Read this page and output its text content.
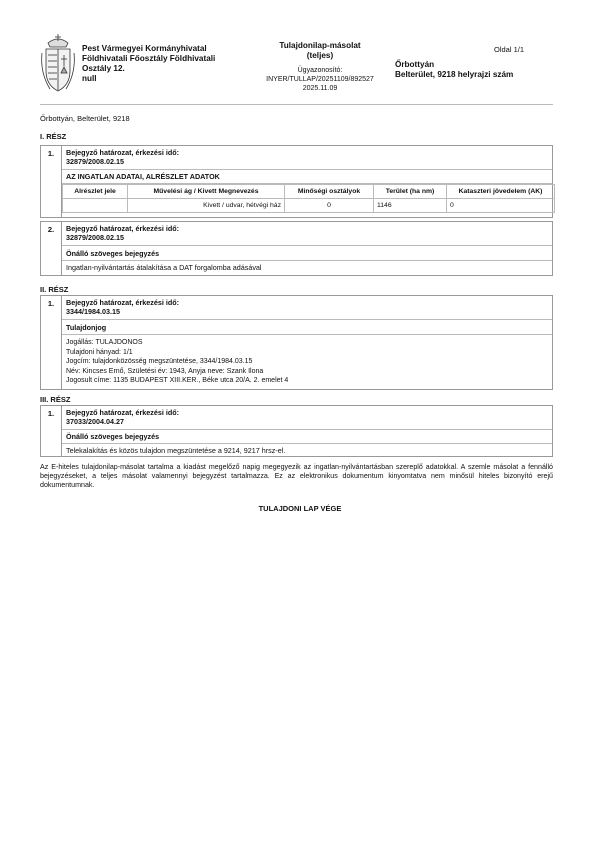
Pest Vármegyei Kormányhivatal
Földhivatali Főosztály Földhivatali
Osztály 12.
null
Tulajdonilap-másolat
(teljes)
Ügyazonosító:
INYER/TULLAP/20251109/892527
2025.11.09
Oldal 1/1
Őrbottyán
Belterület, 9218 helyrajzi szám
Őrbottyán, Belterület, 9218
I. RÉSZ
1.	Bejegyző határozat, érkezési idő:
32879/2008.02.15
AZ INGATLAN ADATAI, ALRÉSZLET ADATOK
Alrészlet jele	Művelési ág / Kivett Megnevezés	Minőségi osztályok	Terület (ha nm)	Kataszteri jövedelem (AK)
	Kivett / udvar, hétvégi ház	0	1146	0
2.	Bejegyző határozat, érkezési idő:
32879/2008.02.15
Önálló szöveges bejegyzés
Ingatlan-nyilvántartás átalakítása a DAT forgalomba adásával
II. RÉSZ
1.	Bejegyző határozat, érkezési idő:
3344/1984.03.15
Tulajdonjog
Jogállás: TULAJDONOS
Tulajdoni hányad: 1/1
Jogcím: tulajdonközösség megszüntetése, 3344/1984.03.15
Név: Kincses Ernő, Születési év: 1943, Anyja neve: Szank Ilona
Jogosult címe: 1135 BUDAPEST XIII.KER., Béke utca 20/A. 2. emelet 4
III. RÉSZ
1.	Bejegyző határozat, érkezési idő:
37033/2004.04.27
Önálló szöveges bejegyzés
Telekalakítás és közös tulajdon megszüntetése a 9214, 9217 hrsz-el.
Az E-hiteles tulajdonilap-másolat tartalma a kiadást megelőző napig megegyezik az ingatlan-nyilvántartásban szereplő adatokkal. A szemle másolat a fennálló bejegyzéseket, a teljes másolat valamennyi bejegyzést tartalmazza. Ez az elektronikus dokumentum kinyomtatva nem minősül hiteles bizonyító erejű dokumentumnak.
TULAJDONI LAP VÉGE
